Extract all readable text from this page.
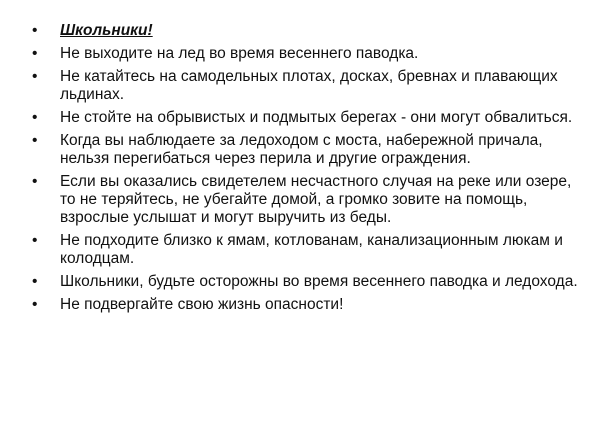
• Школьники!
• Не выходите на лед во время весеннего паводка.
• Не катайтесь на самодельных плотах, досках, бревнах и плавающих льдинах.
• Не стойте на обрывистых и подмытых берегах - они могут обвалиться.
• Когда вы наблюдаете за ледоходом с моста, набережной причала, нельзя перегибаться через перила и другие ограждения.
• Если вы оказались свидетелем несчастного случая на реке или озере, то не теряйтесь, не убегайте домой, а громко зовите на помощь, взрослые услышат и могут выручить из беды.
• Не подходите близко к ямам, котлованам, канализационным люкам и колодцам.
• Школьники, будьте осторожны во время весеннего паводка и ледохода.
• Не подвергайте свою жизнь опасности!
